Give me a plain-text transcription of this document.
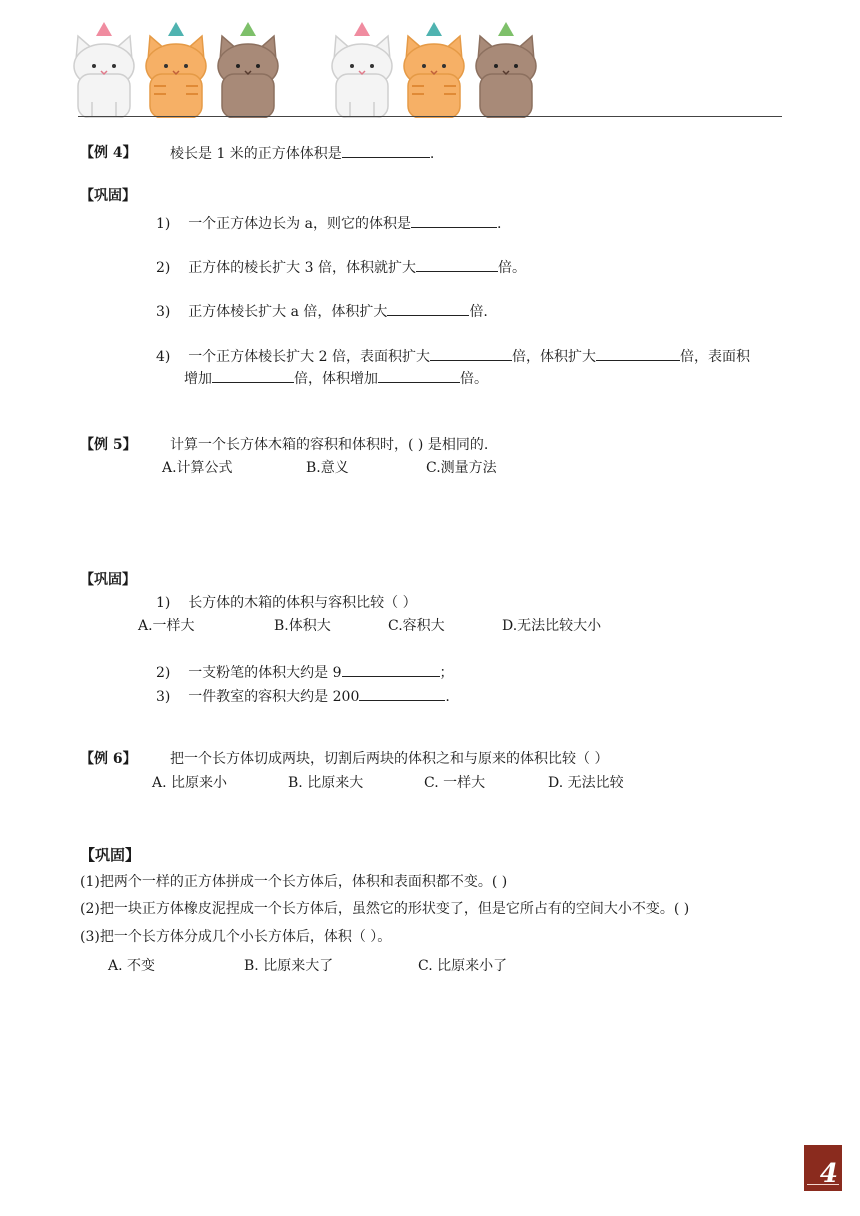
【例 4】 棱长是 1 米的正方体体积是	.
【巩固】
1) 一个正方体边长为 a，则它的体积是	.
2) 正方体的棱长扩大 3 倍，体积就扩大	倍。
3) 正方体棱长扩大 a 倍，体积扩大	倍.
4) 一个正方体棱长扩大 2 倍，表面积扩大	倍，体积扩大	倍，表面积
增加	倍，体积增加	倍。
【例 5】 计算一个长方体木箱的容积和体积时，( ) 是相同的.
A.计算公式	B.意义	C.测量方法
【巩固】
1) 长方体的木箱的体积与容积比较（ ）
A.一样大	B.体积大	C.容积大	D.无法比较大小
2) 一支粉笔的体积大约是 9	；
3) 一件教室的容积大约是 200	.
【例 6】 把一个长方体切成两块，切割后两块的体积之和与原来的体积比较（ ）
A. 比原来小	B. 比原来大	C. 一样大	D. 无法比较
【巩固】
(1)把两个一样的正方体拼成一个长方体后，体积和表面积都不变。( )
(2)把一块正方体橡皮泥捏成一个长方体后，虽然它的形状变了，但是它所占有的空间大小不变。( )
(3)把一个长方体分成几个小长方体后，体积（ ）。
A. 不变	B. 比原来大了	C. 比原来小了
4
